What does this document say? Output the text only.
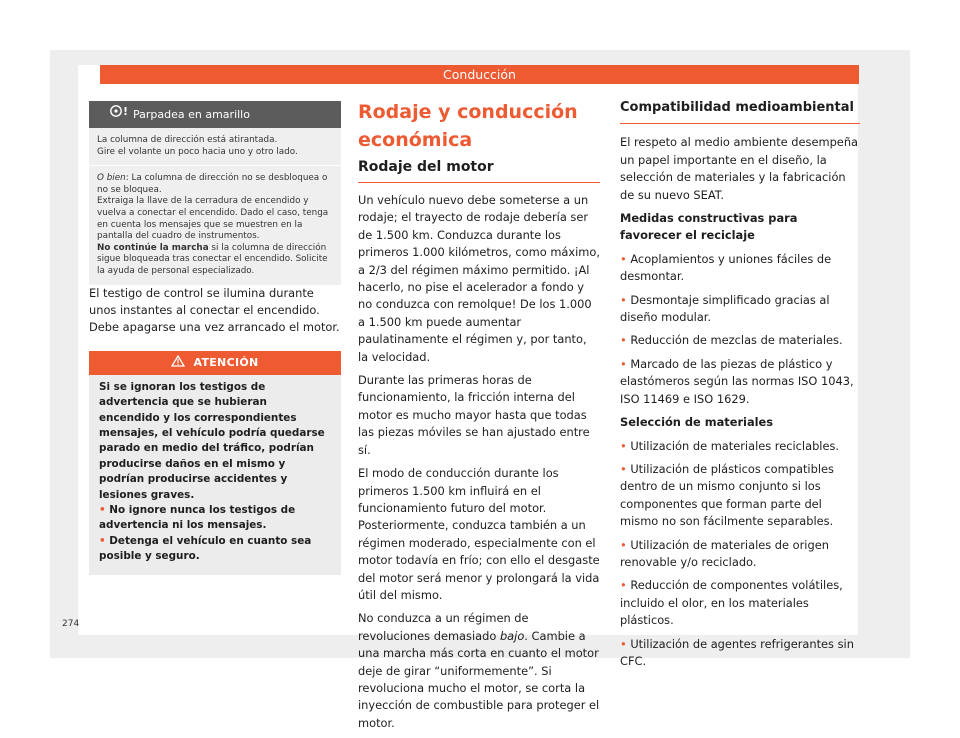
Conducción
! Parpadea en amarillo
La columna de dirección está atirantada.
Gire el volante un poco hacia uno y otro lado.
O bien: La columna de dirección no se desbloquea o no se bloquea.
Extraiga la llave de la cerradura de encendido y vuelva a conectar el encendido. Dado el caso, tenga en cuenta los mensajes que se muestren en la pantalla del cuadro de instrumentos.
No continúe la marcha si la columna de dirección sigue bloqueada tras conectar el encendido. Solicite la ayuda de personal especializado.

El testigo de control se ilumina durante unos instantes al conectar el encendido. Debe apagarse una vez arrancado el motor.

ATENCIÓN

Si se ignoran los testigos de advertencia que se hubieran encendido y los correspondientes mensajes, el vehículo podría quedarse parado en medio del tráfico, podrían producirse daños en el mismo y podrían producirse accidentes y lesiones graves.

• No ignore nunca los testigos de advertencia ni los mensajes.

• Detenga el vehículo en cuanto sea posible y seguro.

Rodaje y conducción económica
Rodaje del motor

Un vehículo nuevo debe someterse a un rodaje; el trayecto de rodaje debería ser de 1.500 km. Conduzca durante los primeros 1.000 kilómetros, como máximo, a 2/3 del régimen máximo permitido. ¡Al hacerlo, no pise el acelerador a fondo y no conduzca con remolque! De los 1.000 a 1.500 km puede aumentar paulatinamente el régimen y, por tanto, la velocidad.

Durante las primeras horas de funcionamiento, la fricción interna del motor es mucho mayor hasta que todas las piezas móviles se han ajustado entre sí.

El modo de conducción durante los primeros 1.500 km influirá en el funcionamiento futuro del motor. Posteriormente, conduzca también a un régimen moderado, especialmente con el motor todavía en frío; con ello el desgaste del motor será menor y prolongará la vida útil del mismo.

No conduzca a un régimen de revoluciones demasiado bajo. Cambie a una marcha más corta en cuanto el motor deje de girar “uniformemente”. Si revoluciona mucho el motor, se corta la inyección de combustible para proteger el motor.

Compatibilidad medioambiental

El respeto al medio ambiente desempeña un papel importante en el diseño, la selección de materiales y la fabricación de su nuevo SEAT.

Medidas constructivas para favorecer el reciclaje

• Acoplamientos y uniones fáciles de desmontar.

• Desmontaje simplificado gracias al diseño modular.

• Reducción de mezclas de materiales.

• Marcado de las piezas de plástico y elastómeros según las normas ISO 1043, ISO 11469 e ISO 1629.

Selección de materiales

• Utilización de materiales reciclables.

• Utilización de plásticos compatibles dentro de un mismo conjunto si los componentes que forman parte del mismo no son fácilmente separables.

• Utilización de materiales de origen renovable y/o reciclado.

• Reducción de componentes volátiles, incluido el olor, en los materiales plásticos.

• Utilización de agentes refrigerantes sin CFC.

274
